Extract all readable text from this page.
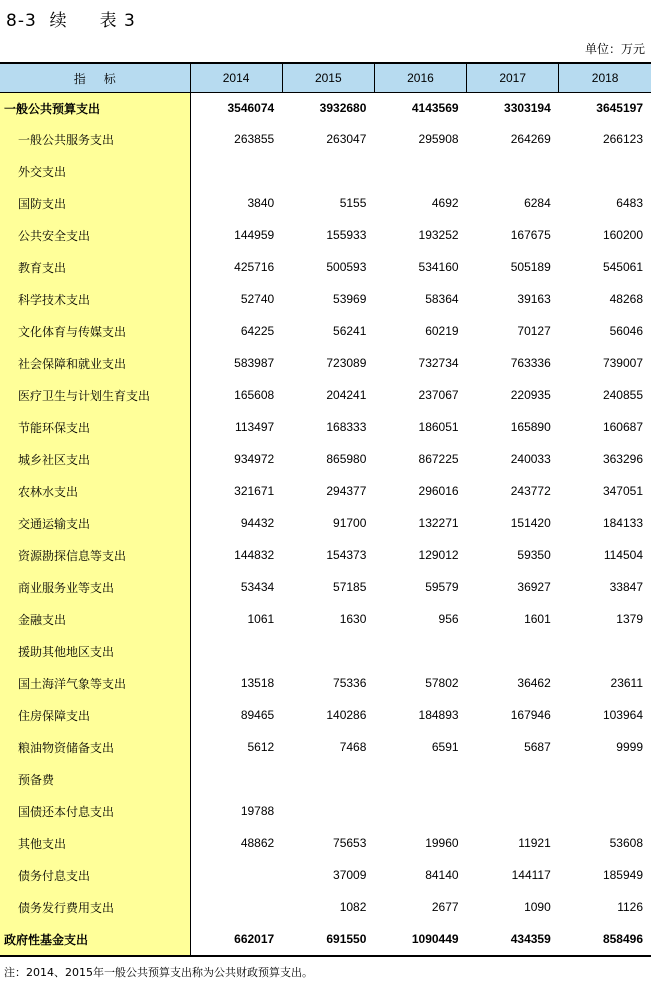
8-3  续     表 3
单位：万元
指标	2014	2015	2016	2017	2018
一般公共预算支出	3546074	3932680	4143569	3303194	3645197
一般公共服务支出	263855	263047	295908	264269	266123
外交支出					
国防支出	3840	5155	4692	6284	6483
公共安全支出	144959	155933	193252	167675	160200
教育支出	425716	500593	534160	505189	545061
科学技术支出	52740	53969	58364	39163	48268
文化体育与传媒支出	64225	56241	60219	70127	56046
社会保障和就业支出	583987	723089	732734	763336	739007
医疗卫生与计划生育支出	165608	204241	237067	220935	240855
节能环保支出	113497	168333	186051	165890	160687
城乡社区支出	934972	865980	867225	240033	363296
农林水支出	321671	294377	296016	243772	347051
交通运输支出	94432	91700	132271	151420	184133
资源勘探信息等支出	144832	154373	129012	59350	114504
商业服务业等支出	53434	57185	59579	36927	33847
金融支出	1061	1630	956	1601	1379
援助其他地区支出					
国土海洋气象等支出	13518	75336	57802	36462	23611
住房保障支出	89465	140286	184893	167946	103964
粮油物资储备支出	5612	7468	6591	5687	9999
预备费					
国债还本付息支出	19788				
其他支出	48862	75653	19960	11921	53608
债务付息支出		37009	84140	144117	185949
债务发行费用支出		1082	2677	1090	1126
政府性基金支出	662017	691550	1090449	434359	858496
注：2014、2015年一般公共预算支出称为公共财政预算支出。
